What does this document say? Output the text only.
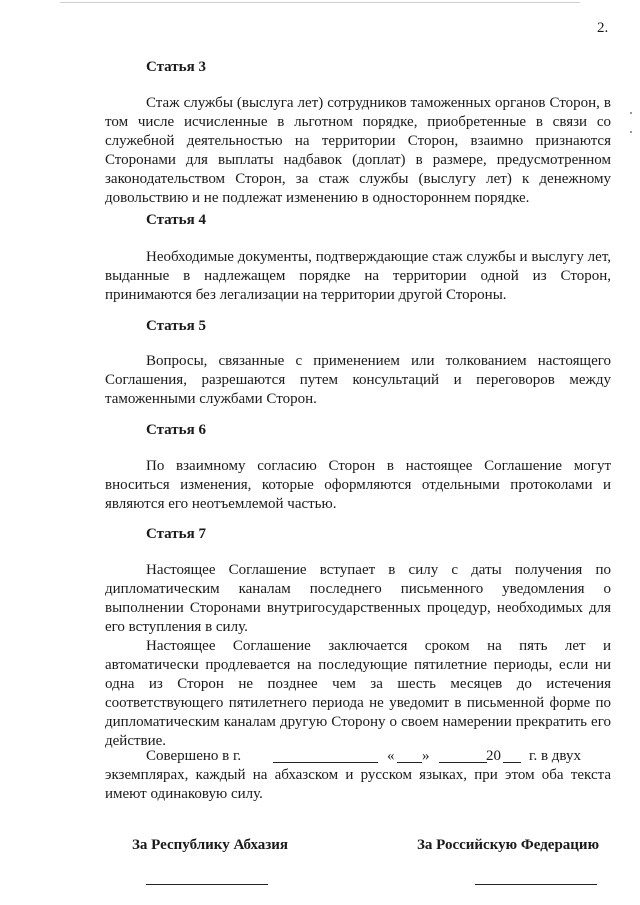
2.
Статья 3

Стаж службы (выслуга лет) сотрудников таможенных органов Сторон, в том числе исчисленные в льготном порядке, приобретенные в связи со служебной деятельностью на территории Сторон, взаимно признаются Сторонами для выплаты надбавок (доплат) в размере, предусмотренном законодательством Сторон, за стаж службы (выслугу лет) к денежному довольствию и не подлежат изменению в одностороннем порядке.

Статья 4

Необходимые документы, подтверждающие стаж службы и выслугу лет, выданные в надлежащем порядке на территории одной из Сторон, принимаются без легализации на территории другой Стороны.

Статья 5

Вопросы, связанные с применением или толкованием настоящего Соглашения, разрешаются путем консультаций и переговоров между таможенными службами Сторон.

Статья 6

По взаимному согласию Сторон в настоящее Соглашение могут вноситься изменения, которые оформляются отдельными протоколами и являются его неотъемлемой частью.

Статья 7

Настоящее Соглашение вступает в силу с даты получения по дипломатическим каналам последнего письменного уведомления о выполнении Сторонами внутригосударственных процедур, необходимых для его вступления в силу.

Настоящее Соглашение заключается сроком на пять лет и автоматически продлевается на последующие пятилетние периоды, если ни одна из Сторон не позднее чем за шесть месяцев до истечения соответствующего пятилетнего периода не уведомит в письменной форме по дипломатическим каналам другую Сторону о своем намерении прекратить его действие.

Совершено в г.	« »	20 г. в двух

экземплярах, каждый на абхазском и русском языках, при этом оба текста имеют одинаковую силу.

За Республику Абхазия	За Российскую Федерацию
